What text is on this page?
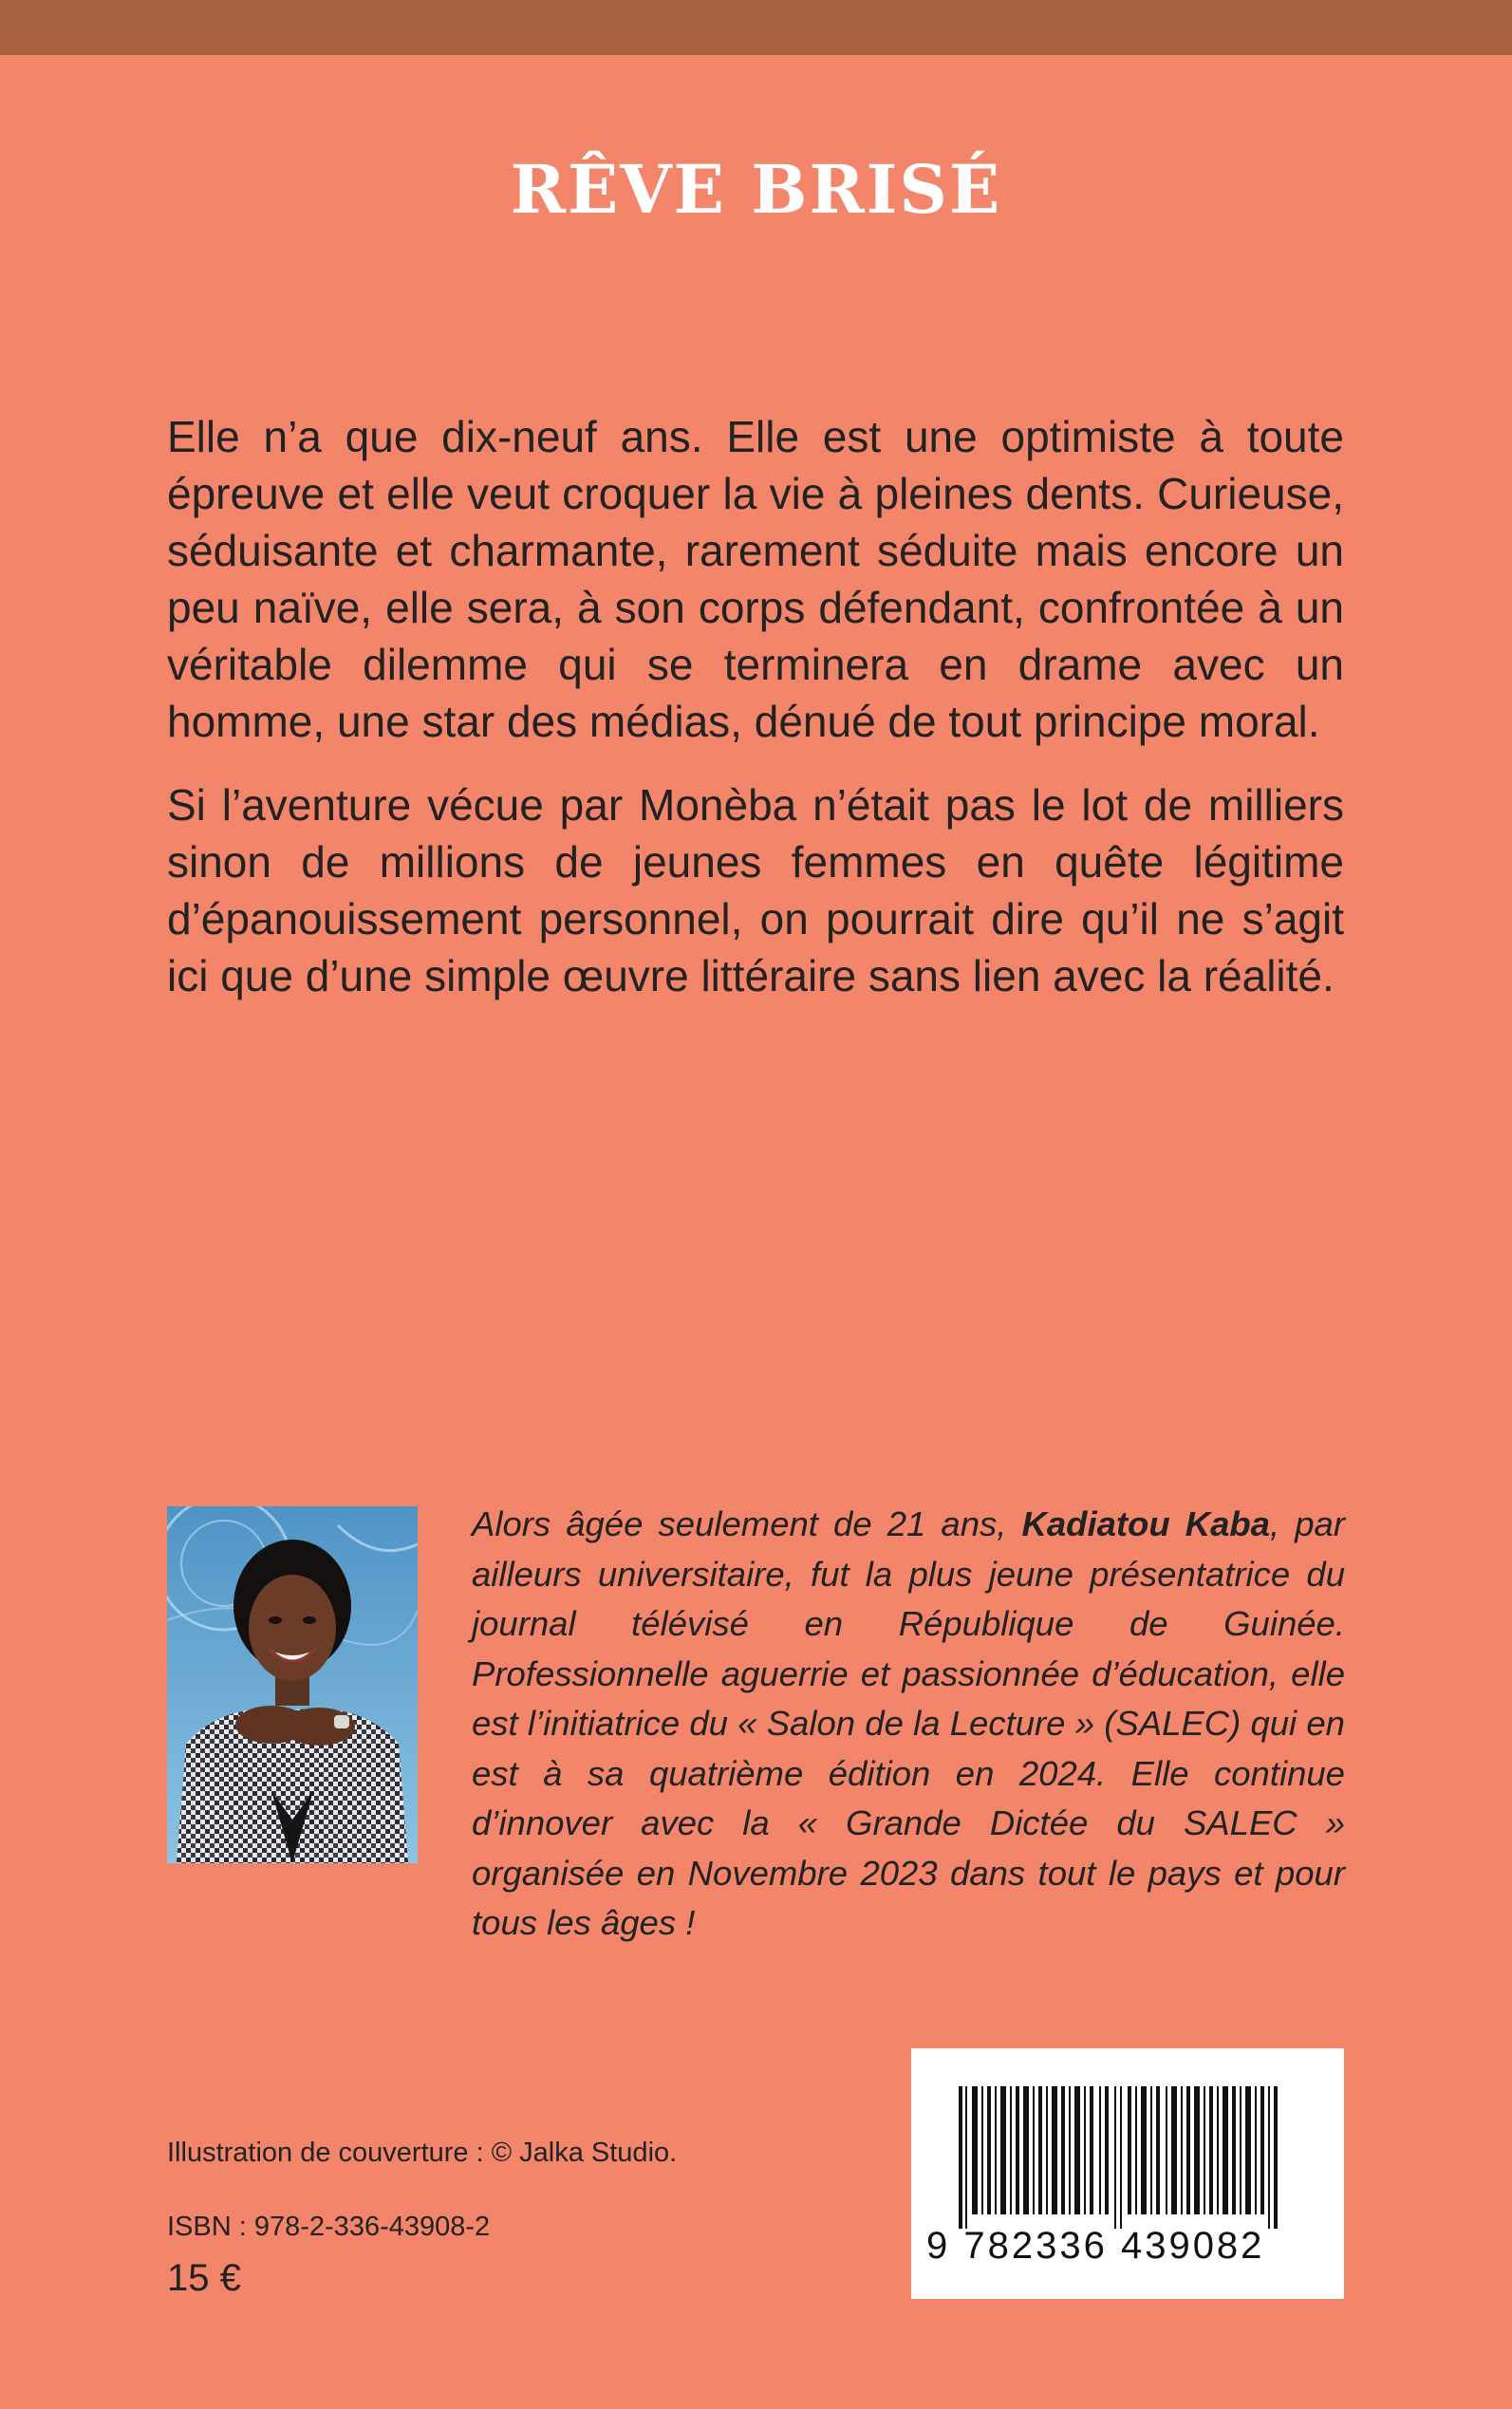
RÊVE BRISÉ

Elle n’a que dix-neuf ans. Elle est une optimiste à toute épreuve et elle veut croquer la vie à pleines dents. Curieuse, séduisante et charmante, rarement séduite mais encore un peu naïve, elle sera, à son corps défendant, confrontée à un véritable dilemme qui se terminera en drame avec un homme, une star des médias, dénué de tout principe moral.

Si l’aventure vécue par Monèba n’était pas le lot de milliers sinon de millions de jeunes femmes en quête légitime d’épanouissement personnel, on pourrait dire qu’il ne s’agit ici que d’une simple œuvre littéraire sans lien avec la réalité.

Alors âgée seulement de 21 ans, Kadiatou Kaba, par ailleurs universitaire, fut la plus jeune présentatrice du journal télévisé en République de Guinée. Professionnelle aguerrie et passionnée d’éducation, elle est l’initiatrice du « Salon de la Lecture » (SALEC) qui en est à sa quatrième édition en 2024. Elle continue d’innover avec la « Grande Dictée du SALEC » organisée en Novembre 2023 dans tout le pays et pour tous les âges !
9 782336 439082
Illustration de couverture : © Jalka Studio.
ISBN : 978-2-336-43908-2
15 €
